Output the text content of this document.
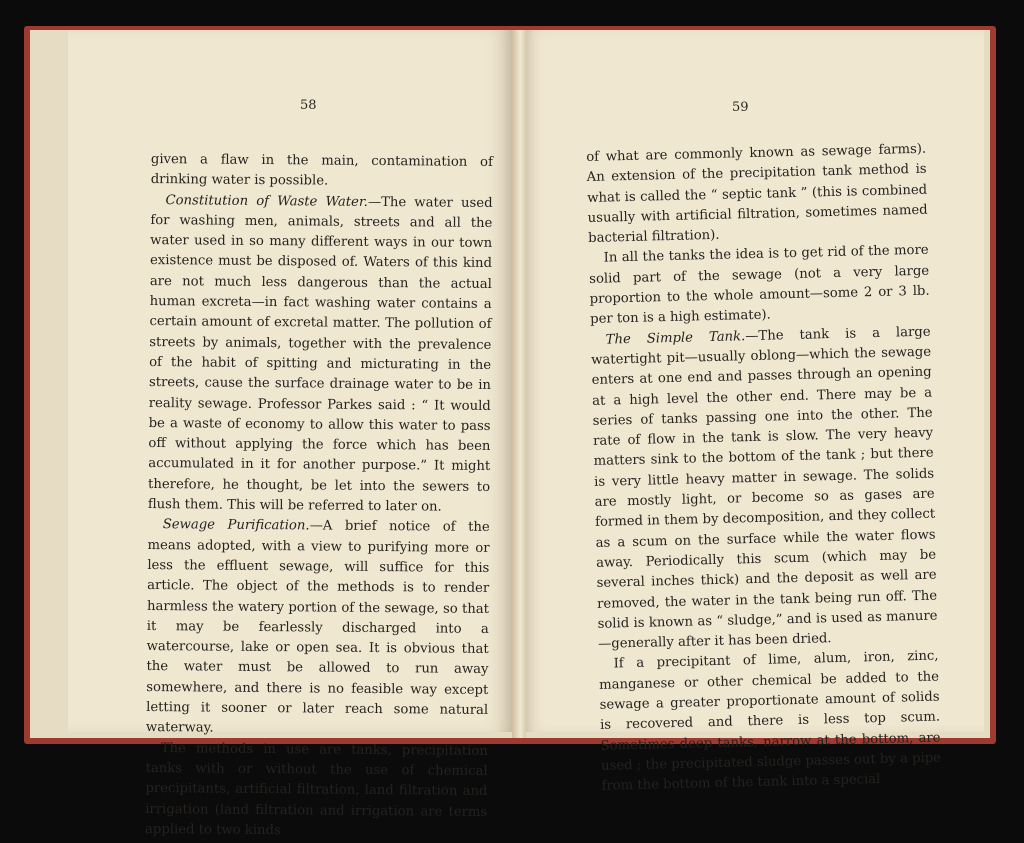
58

given a flaw in the main, contamination of drinking water is possible.

Constitution of Waste Water.—The water used for washing men, animals, streets and all the water used in so many different ways in our town existence must be disposed of. Waters of this kind are not much less dangerous than the actual human excreta—in fact washing water contains a certain amount of excretal matter. The pollution of streets by animals, together with the prevalence of the habit of spitting and micturating in the streets, cause the surface drainage water to be in reality sewage. Professor Parkes said : “ It would be a waste of economy to allow this water to pass off without applying the force which has been accumulated in it for another purpose.” It might therefore, he thought, be let into the sewers to flush them. This will be referred to later on.

Sewage Purification.—A brief notice of the means adopted, with a view to purifying more or less the effluent sewage, will suffice for this article. The object of the methods is to render harmless the watery portion of the sewage, so that it may be fearlessly discharged into a watercourse, lake or open sea. It is obvious that the water must be allowed to run away somewhere, and there is no feasible way except letting it sooner or later reach some natural waterway.

The methods in use are tanks, precipitation tanks with or without the use of chemical precipitants, artificial filtration, land filtration and irrigation (land filtration and irrigation are terms applied to two kinds

59

of what are commonly known as sewage farms). An extension of the precipitation tank method is what is called the “ septic tank ” (this is combined usually with artificial filtration, sometimes named bacterial filtration).

In all the tanks the idea is to get rid of the more solid part of the sewage (not a very large proportion to the whole amount—some 2 or 3 lb. per ton is a high estimate).

The Simple Tank.—The tank is a large watertight pit—usually oblong—which the sewage enters at one end and passes through an opening at a high level the other end. There may be a series of tanks passing one into the other. The rate of flow in the tank is slow. The very heavy matters sink to the bottom of the tank ; but there is very little heavy matter in sewage. The solids are mostly light, or become so as gases are formed in them by decomposition, and they collect as a scum on the surface while the water flows away. Periodically this scum (which may be several inches thick) and the deposit as well are removed, the water in the tank being run off. The solid is known as “ sludge,” and is used as manure—generally after it has been dried.

If a precipitant of lime, alum, iron, zinc, manganese or other chemical be added to the sewage a greater proportionate amount of solids is recovered and there is less top scum. Sometimes deep tanks, narrow at the bottom, are used ; the precipitated sludge passes out by a pipe from the bottom of the tank into a special
